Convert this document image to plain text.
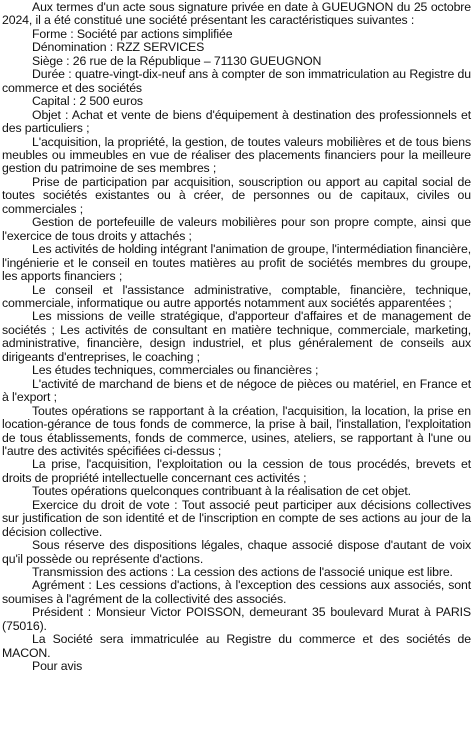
Aux termes d'un acte sous signature privée en date à GUEUGNON du 25 octobre 2024, il a été constitué une société présentant les caractéristiques suivantes :

Forme : Société par actions simplifiée

Dénomination : RZZ SERVICES

Siège : 26 rue de la République – 71130 GUEUGNON

Durée : quatre-vingt-dix-neuf ans à compter de son immatriculation au Registre du commerce et des sociétés

Capital : 2 500 euros

Objet : Achat et vente de biens d'équipement à destination des professionnels et des particuliers ;

L'acquisition, la propriété, la gestion, de toutes valeurs mobilières et de tous biens meubles ou immeubles en vue de réaliser des placements financiers pour la meilleure gestion du patrimoine de ses membres ;

Prise de participation par acquisition, souscription ou apport au capital social de toutes sociétés existantes ou à créer, de personnes ou de capitaux, civiles ou commerciales ;

Gestion de portefeuille de valeurs mobilières pour son propre compte, ainsi que l'exercice de tous droits y attachés ;

Les activités de holding intégrant l'animation de groupe, l'intermédiation financière, l'ingénierie et le conseil en toutes matières au profit de sociétés membres du groupe, les apports financiers ;

Le conseil et l'assistance administrative, comptable, financière, technique, commerciale, informatique ou autre apportés notamment aux sociétés apparentées ;

Les missions de veille stratégique, d'apporteur d'affaires et de management de sociétés ; Les activités de consultant en matière technique, commerciale, marketing, administrative, financière, design industriel, et plus généralement de conseils aux dirigeants d'entreprises, le coaching ;

Les études techniques, commerciales ou financières ;

L'activité de marchand de biens et de négoce de pièces ou matériel, en France et à l'export ;

Toutes opérations se rapportant à la création, l'acquisition, la location, la prise en location-gérance de tous fonds de commerce, la prise à bail, l'installation, l'exploitation de tous établissements, fonds de commerce, usines, ateliers, se rapportant à l'une ou l'autre des activités spécifiées ci-dessus ;

La prise, l'acquisition, l'exploitation ou la cession de tous procédés, brevets et droits de propriété intellectuelle concernant ces activités ;

Toutes opérations quelconques contribuant à la réalisation de cet objet.

Exercice du droit de vote : Tout associé peut participer aux décisions collectives sur justification de son identité et de l'inscription en compte de ses actions au jour de la décision collective.

Sous réserve des dispositions légales, chaque associé dispose d'autant de voix qu'il possède ou représente d'actions.

Transmission des actions : La cession des actions de l'associé unique est libre.

Agrément : Les cessions d'actions, à l'exception des cessions aux associés, sont soumises à l'agrément de la collectivité des associés.

Président : Monsieur Victor POISSON, demeurant 35 boulevard Murat à PARIS (75016).

La Société sera immatriculée au Registre du commerce et des sociétés de MACON.

Pour avis
